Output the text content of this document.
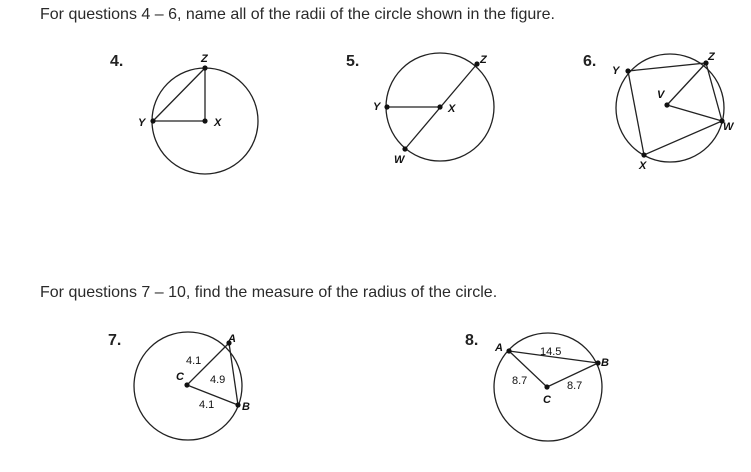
For questions 4 – 6, name all of the radii of the circle shown in the figure.
4.	Z
Y	X
5.	Z
Y	X
W
6.
Y
Z
V
W
X
For questions 7 – 10, find the measure of the radius of the circle.
7.	A
C
B
4.1
4.9
4.1
8. A
B
C
14.5
8.7	8.7
